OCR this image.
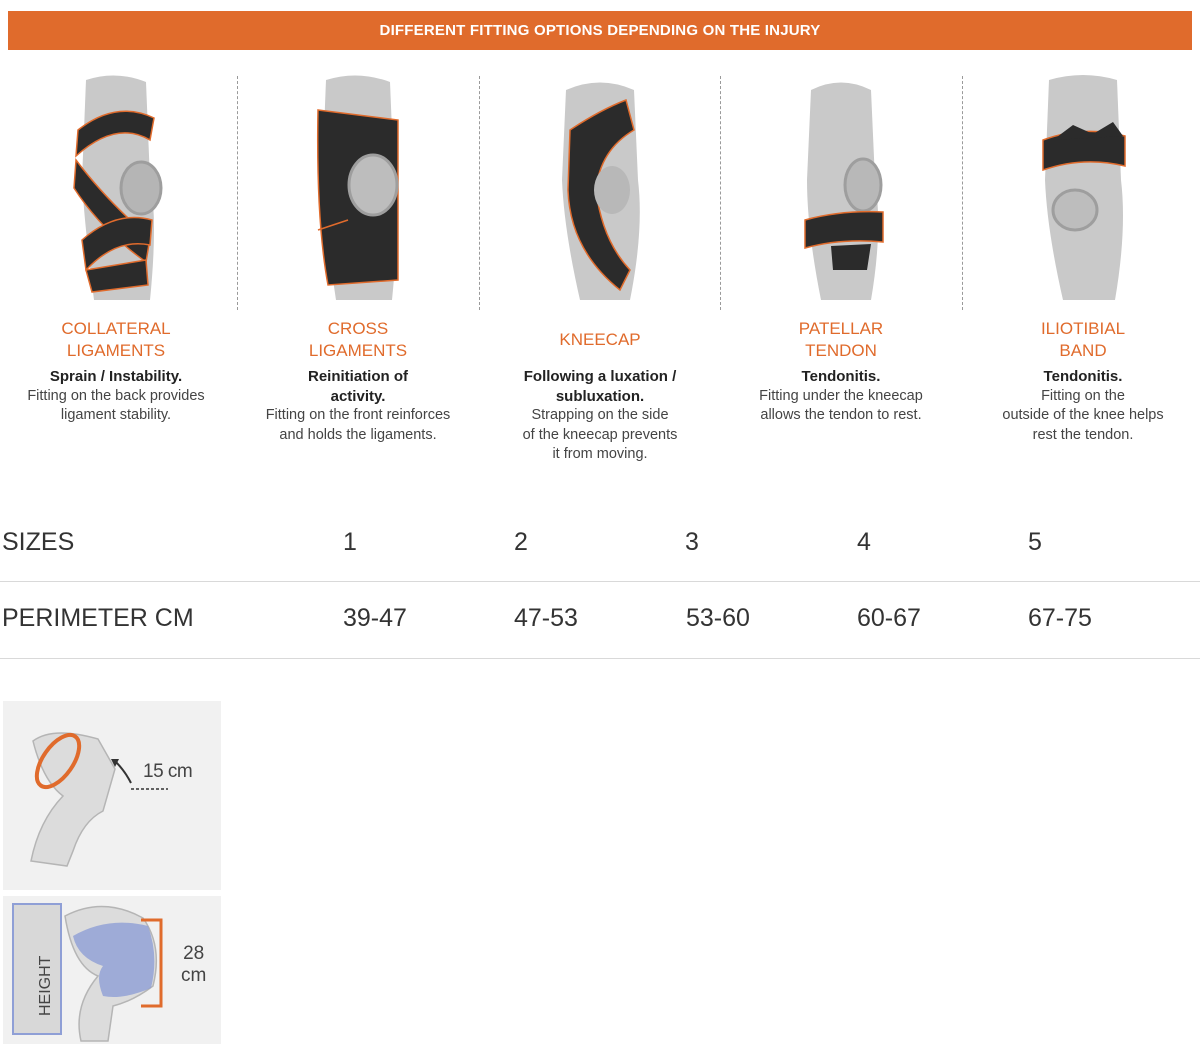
DIFFERENT FITTING OPTIONS DEPENDING ON THE INJURY
COLLATERAL
LIGAMENTS
Sprain / Instability.
Fitting on the back provides
ligament stability.
CROSS
LIGAMENTS
Reinitiation of activity.
Fitting on the front reinforces
and holds the ligaments.
KNEECAP
Following a luxation / subluxation.
Strapping on the side
of the kneecap prevents
it from moving.
PATELLAR
TENDON
Tendonitis.
Fitting under the kneecap
allows the tendon to rest.
ILIOTIBIAL
BAND
Tendonitis.
Fitting on the
outside of the knee helps
rest the tendon.
SIZES	1	2	3	4	5
PERIMETER CM	39-47	47-53	53-60	60-67	67-75
15 cm
HEIGHT
28
cm
